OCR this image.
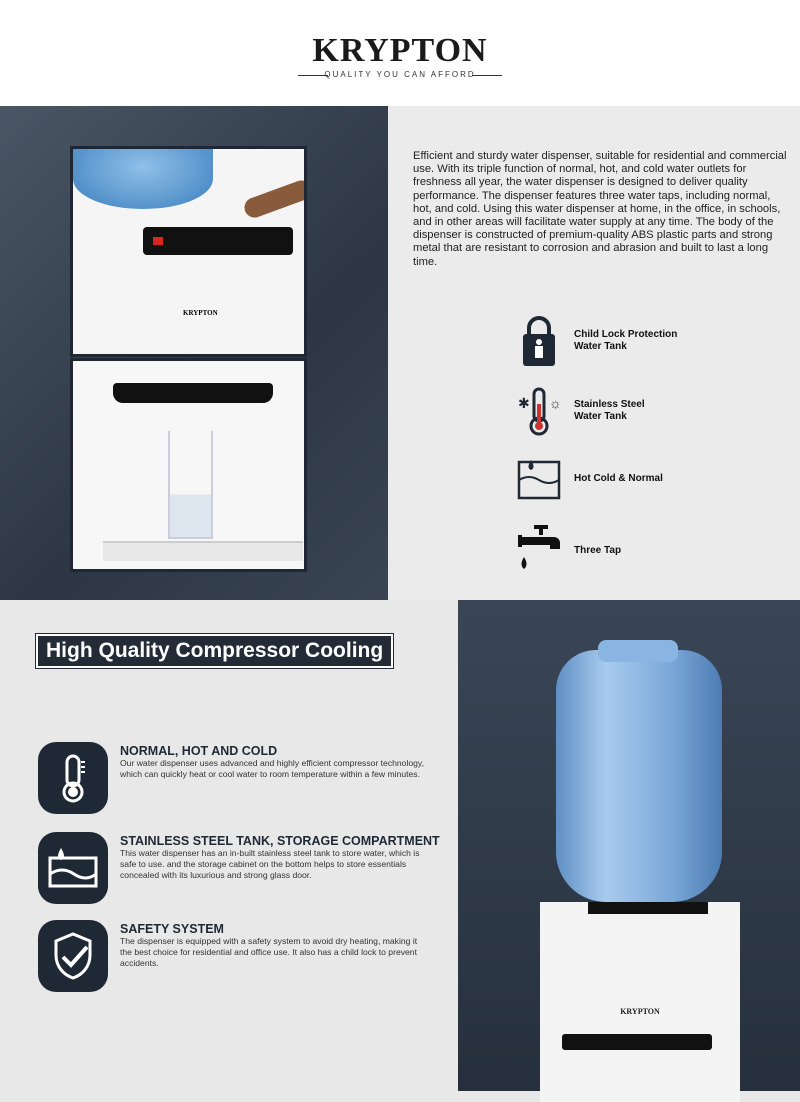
KRYPTON
QUALITY YOU CAN AFFORD
KRYPTON
Efficient and sturdy water dispenser, suitable for residential and commercial use. With its triple function of normal, hot, and cold water outlets for freshness all year, the water dispenser is designed to deliver quality performance. The dispenser features three water taps, including normal, hot, and cold. Using this water dispenser at home, in the office, in schools, and in other areas will facilitate water supply at any time. The body of the dispenser is constructed of premium-quality ABS plastic parts and strong metal that are resistant to corrosion and abrasion and built to last a long time.
Child Lock Protection Water Tank
✱ ☼ Stainless Steel Water Tank
Hot Cold & Normal
Three Tap
KRYPTON
High Quality Compressor Cooling
NORMAL, HOT AND COLD

Our water dispenser uses advanced and highly efficient compressor technology, which can quickly heat or cool water to room temperature within a few minutes.

STAINLESS STEEL TANK, STORAGE COMPARTMENT

This water dispenser has an in-built stainless steel tank to store water, which is safe to use. and the storage cabinet on the bottom helps to store essentials concealed with its luxurious and strong glass door.

SAFETY SYSTEM

The dispenser is equipped with a safety system to avoid dry heating, making it the best choice for residential and office use. It also has a child lock to prevent accidents.
